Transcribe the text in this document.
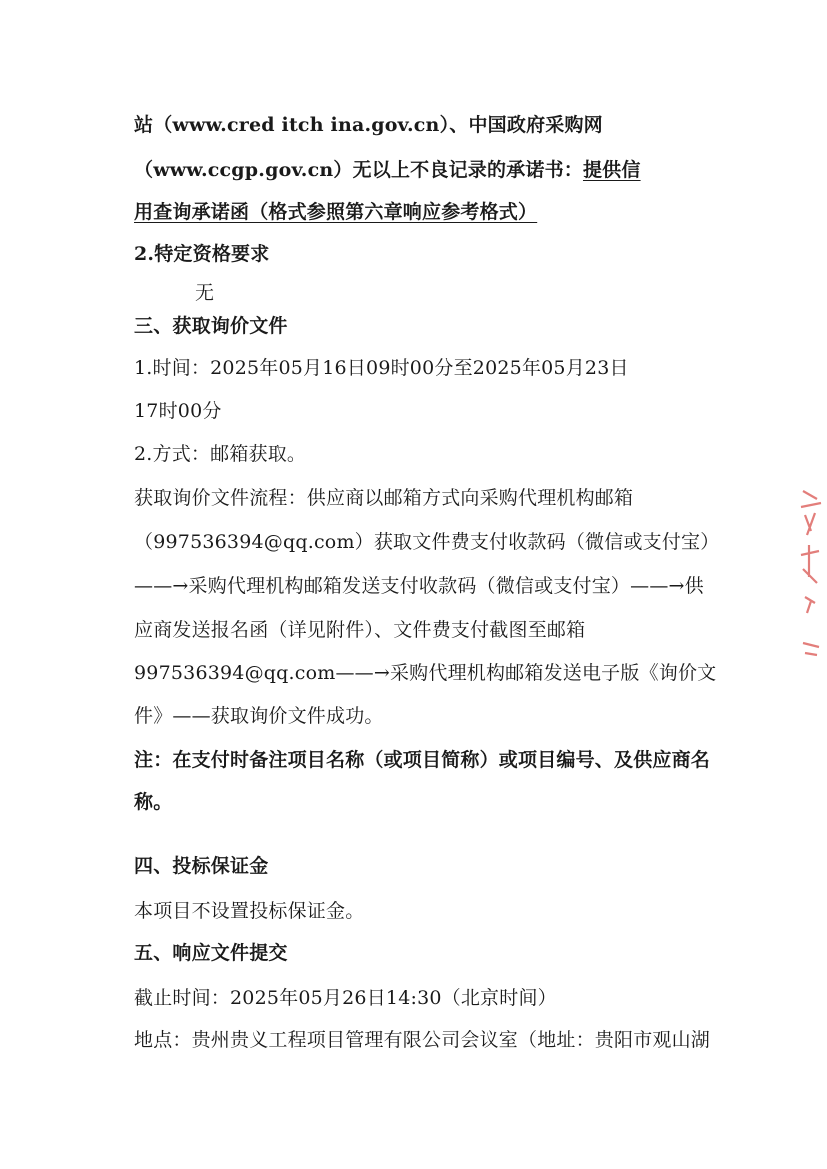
站（www.cred itch ina.gov.cn）、中国政府采购网
（www.ccgp.gov.cn）无以上不良记录的承诺书：提供信
用查询承诺函（格式参照第六章响应参考格式）
2.特定资格要求
无
三、获取询价文件
1.时间：2025年05月16日09时00分至2025年05月23日
17时00分
2.方式：邮箱获取。
获取询价文件流程：供应商以邮箱方式向采购代理机构邮箱
（997536394@qq.com）获取文件费支付收款码（微信或支付宝）
——→采购代理机构邮箱发送支付收款码（微信或支付宝）——→供
应商发送报名函（详见附件）、文件费支付截图至邮箱
997536394@qq.com——→采购代理机构邮箱发送电子版《询价文
件》——获取询价文件成功。
注：在支付时备注项目名称（或项目简称）或项目编号、及供应商名
称。
四、投标保证金
本项目不设置投标保证金。
五、响应文件提交
截止时间：2025年05月26日14:30（北京时间）
地点：贵州贵义工程项目管理有限公司会议室（地址：贵阳市观山湖
